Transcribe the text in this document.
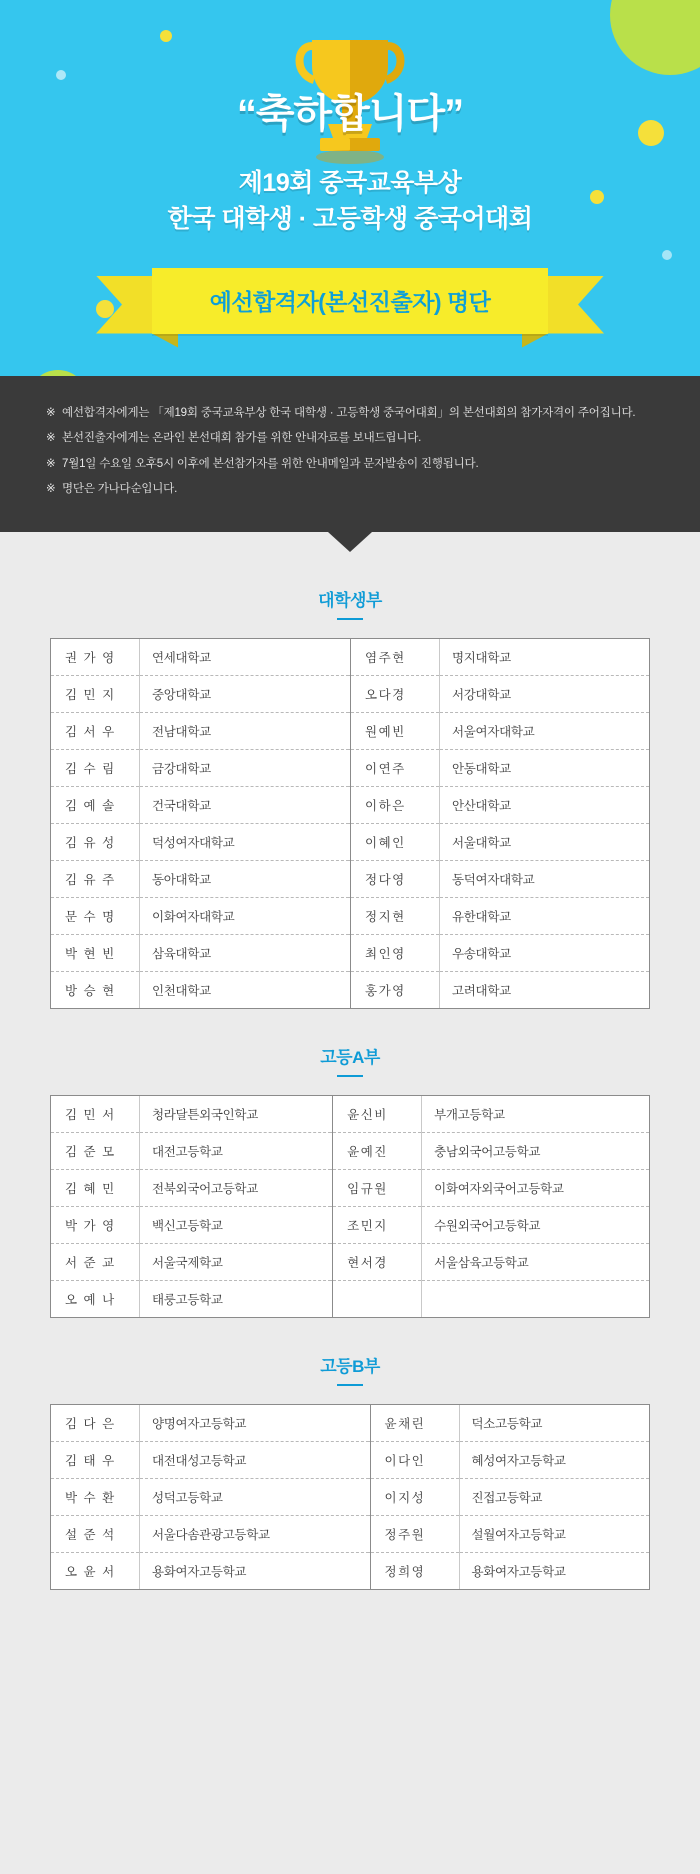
“축하합니다”
제19회 중국교육부상
한국 대학생 · 고등학생 중국어대회
예선합격자(본선진출자) 명단
※ 예선합격자에게는 「제19회 중국교육부상 한국 대학생 · 고등학생 중국어대회」의 본선대회의 참가자격이 주어집니다.
※ 본선진출자에게는 온라인 본선대회 참가를 위한 안내자료를 보내드립니다.
※ 7월1일 수요일 오후5시 이후에 본선참가자를 위한 안내메일과 문자발송이 진행됩니다.
※ 명단은 가나다순입니다.
대학생부
권 가 영	연세대학교		염주현	명지대학교
김 민 지	중앙대학교		오다경	서강대학교
김 서 우	전남대학교		원예빈	서울여자대학교
김 수 림	금강대학교		이연주	안동대학교
김 예 솔	건국대학교		이하은	안산대학교
김 유 성	덕성여자대학교		이혜인	서울대학교
김 유 주	동아대학교		정다영	동덕여자대학교
문 수 명	이화여자대학교		정지현	유한대학교
박 현 빈	삼육대학교		최인영	우송대학교
방 승 현	인천대학교		홍가영	고려대학교
고등A부
김 민 서	청라달튼외국인학교		윤신비	부개고등학교
김 준 모	대전고등학교		윤예진	충남외국어고등학교
김 혜 민	전북외국어고등학교		임규원	이화여자외국어고등학교
박 가 영	백신고등학교		조민지	수원외국어고등학교
서 준 교	서울국제학교		현서경	서울삼육고등학교
오 예 나	태룽고등학교			
고등B부
김 다 은	양명여자고등학교		윤채린	덕소고등학교
김 태 우	대전대성고등학교		이다인	혜성여자고등학교
박 수 환	성덕고등학교		이지성	진접고등학교
설 준 석	서울다솜관광고등학교		정주원	설월여자고등학교
오 윤 서	용화여자고등학교		정희영	용화여자고등학교
